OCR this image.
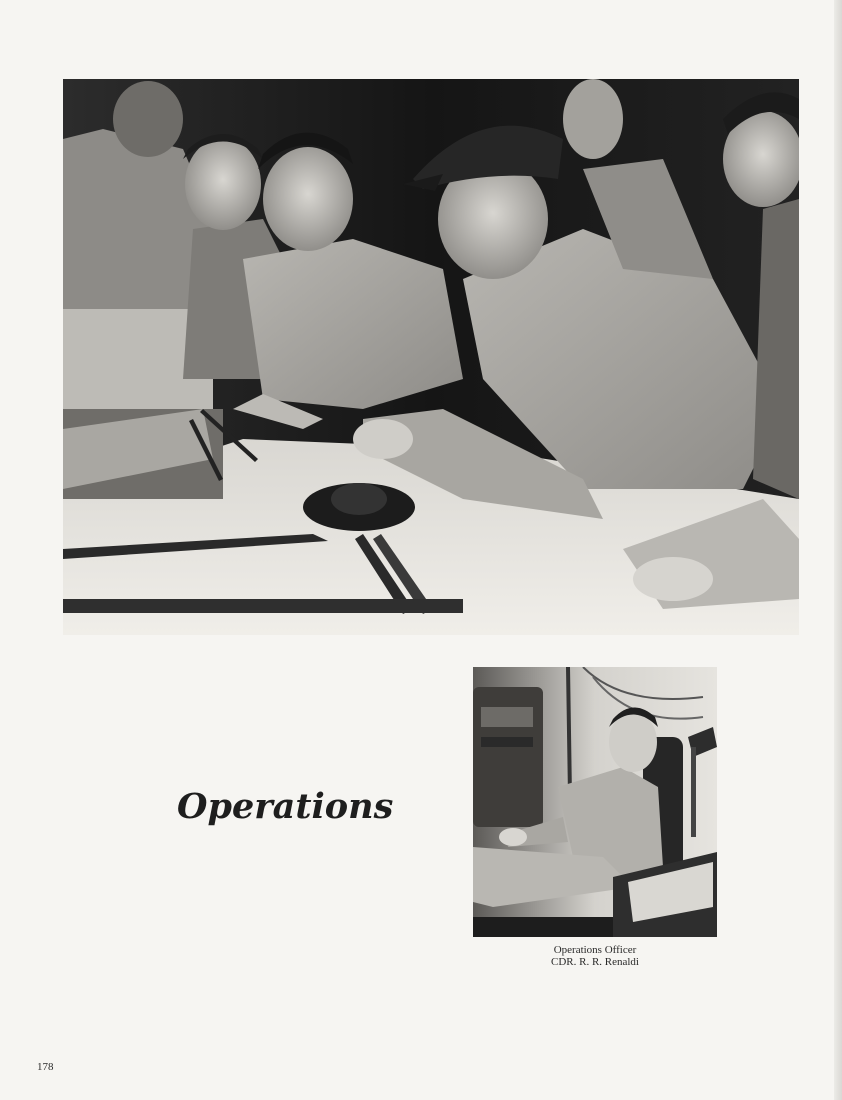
Operations
Operations Officer
CDR. R. R. Renaldi
178
